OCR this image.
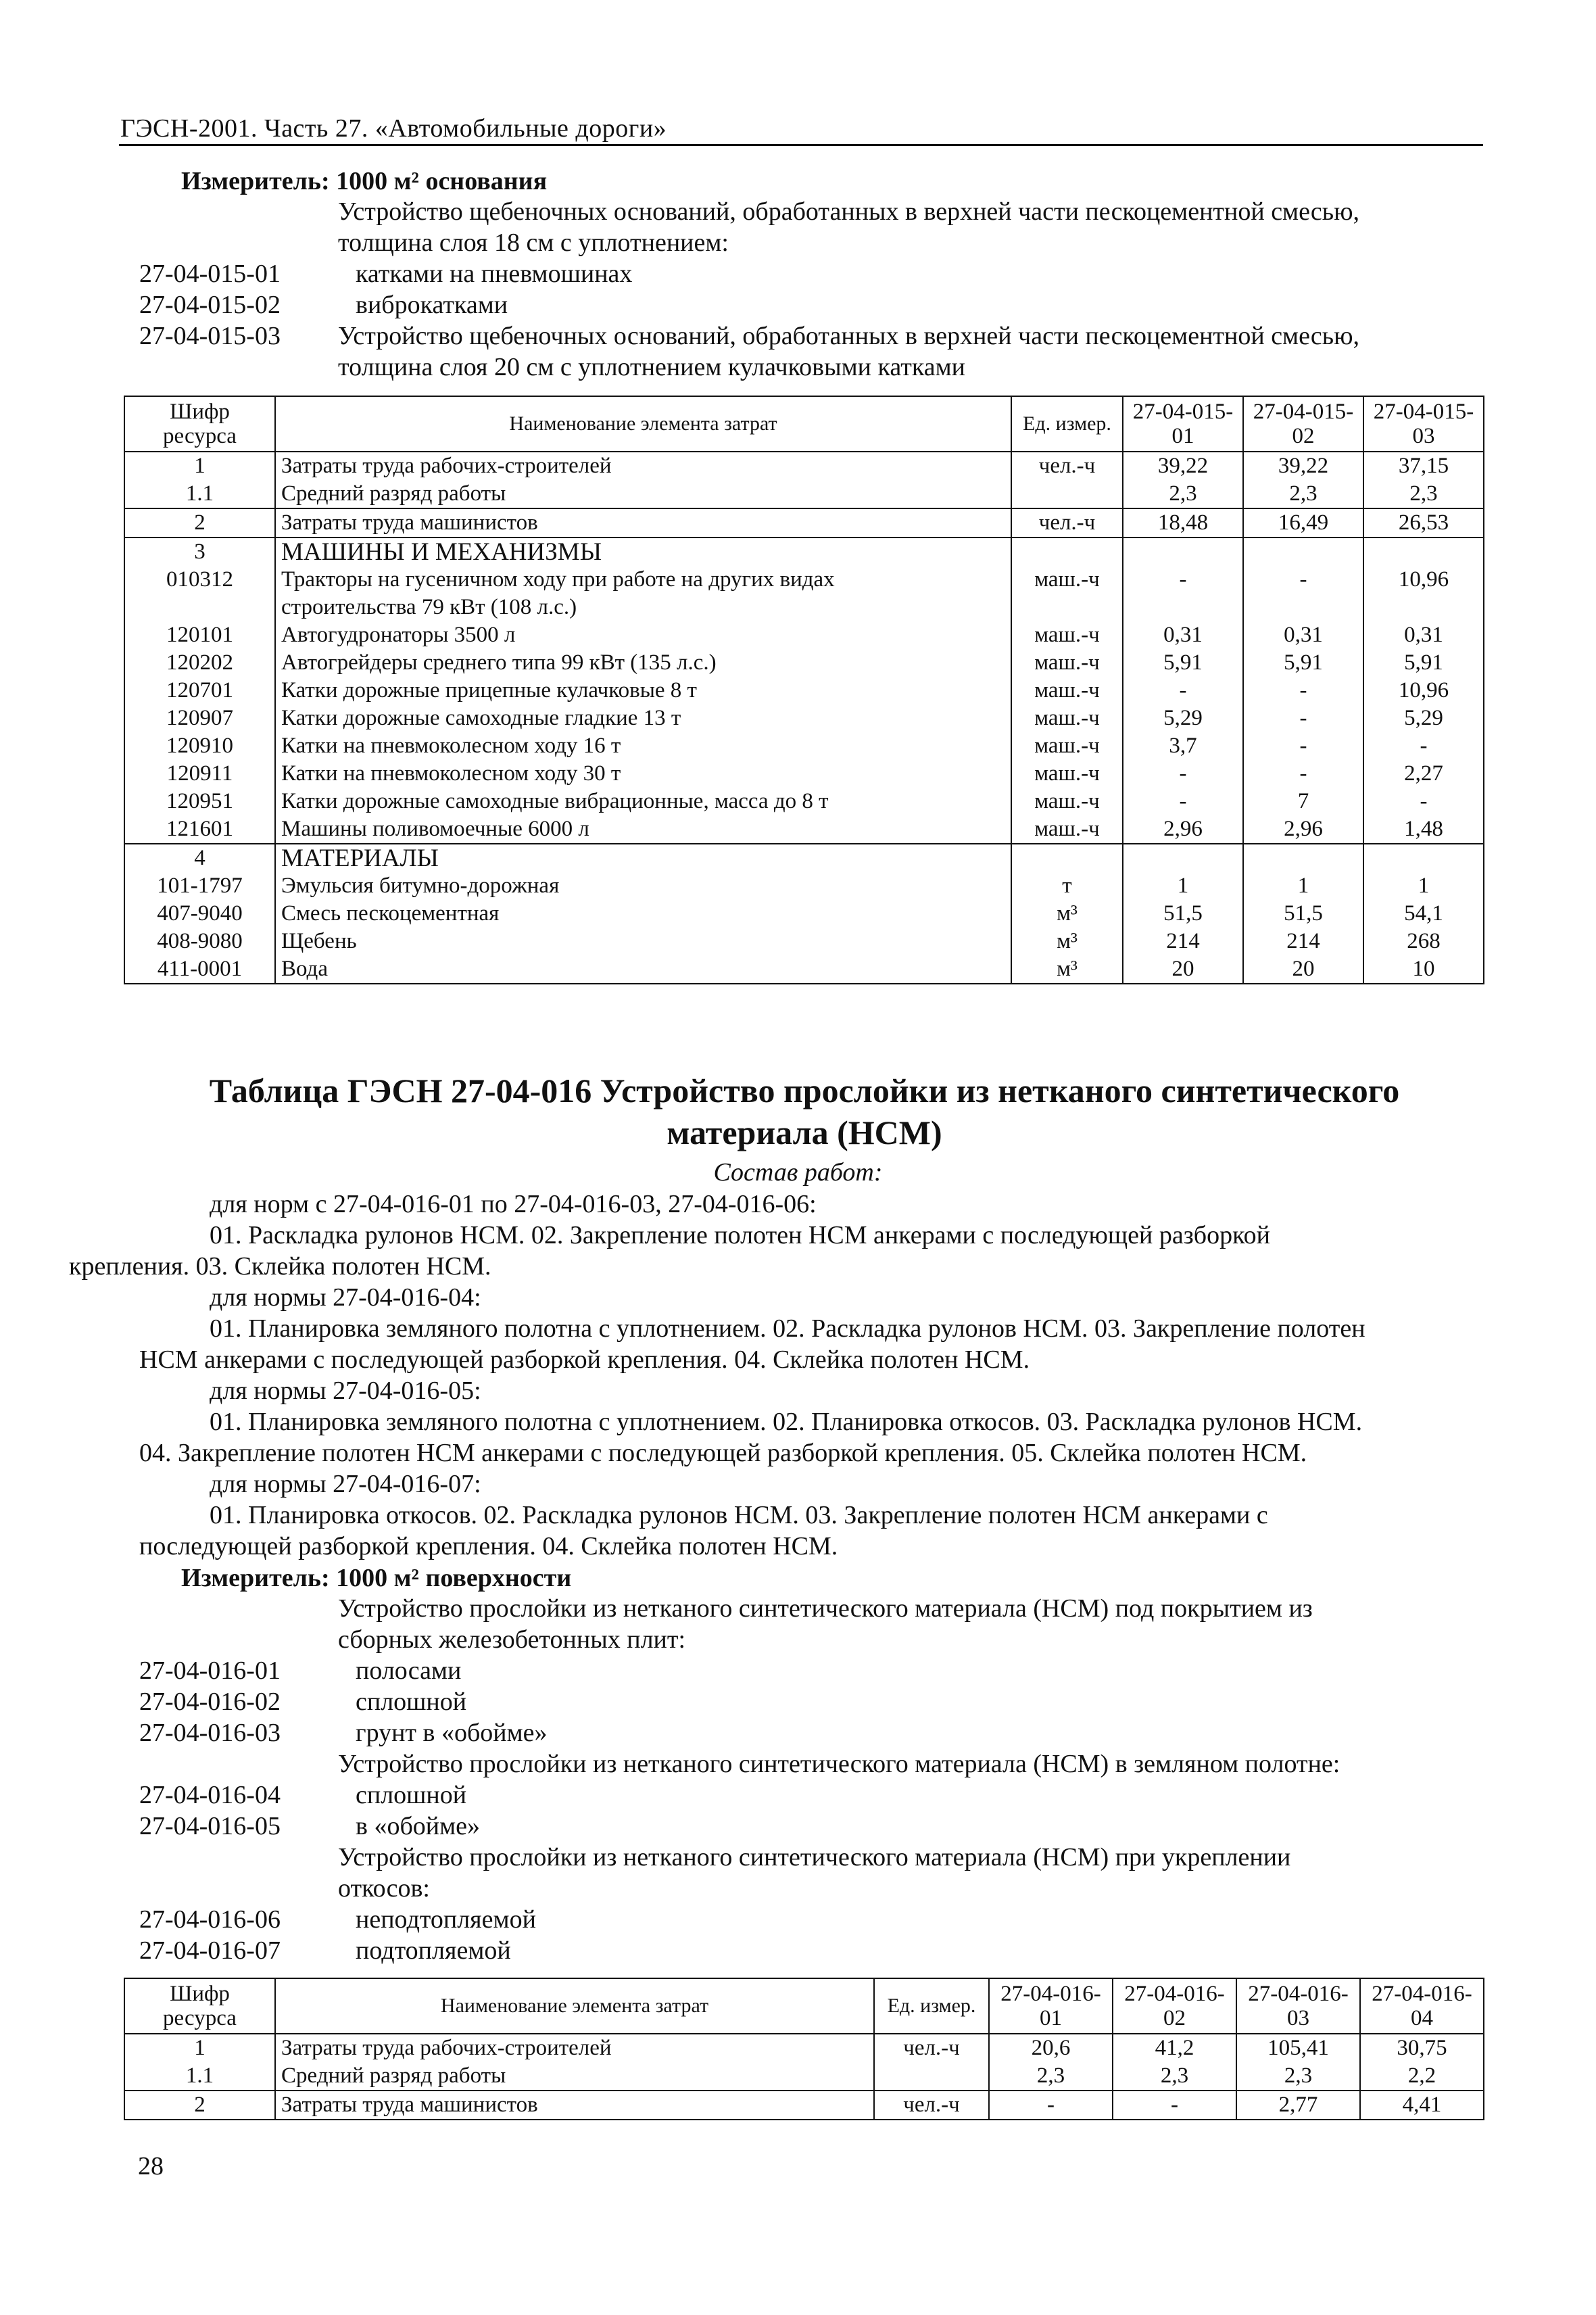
ГЭСН-2001. Часть 27. «Автомобильные дороги»
Измеритель: 1000 м² основания
Устройство щебеночных оснований, обработанных в верхней части пескоцементной смесью,
толщина слоя 18 см с уплотнением:
27-04-015-01	катками на пневмошинах
27-04-015-02	виброкатками
27-04-015-03 Устройство щебеночных оснований, обработанных в верхней части пескоцементной смесью,
толщина слоя 20 см с уплотнением кулачковыми катками
Шифр ресурса	Наименование элемента затрат	Ед. измер.	27-04-015-01	27-04-015-02	27-04-015-03
1	Затраты труда рабочих-строителей	чел.-ч	39,22	39,22	37,15
1.1	Средний разряд работы		2,3	2,3	2,3
2	Затраты труда машинистов	чел.-ч	18,48	16,49	26,53
3	МАШИНЫ И МЕХАНИЗМЫ				
010312	Тракторы на гусеничном ходу при работе на других видах
строительства 79 кВт (108 л.с.)	маш.-ч	-	-	10,96
120101	Автогудронаторы 3500 л	маш.-ч	0,31	0,31	0,31
120202	Автогрейдеры среднего типа 99 кВт (135 л.с.)	маш.-ч	5,91	5,91	5,91
120701	Катки дорожные прицепные кулачковые 8 т	маш.-ч	-	-	10,96
120907	Катки дорожные самоходные гладкие 13 т	маш.-ч	5,29	-	5,29
120910	Катки на пневмоколесном ходу 16 т	маш.-ч	3,7	-	-
120911	Катки на пневмоколесном ходу 30 т	маш.-ч	-	-	2,27
120951	Катки дорожные самоходные вибрационные, масса до 8 т	маш.-ч	-	7	-
121601	Машины поливомоечные 6000 л	маш.-ч	2,96	2,96	1,48
4	МАТЕРИАЛЫ				
101-1797	Эмульсия битумно-дорожная	т	1	1	1
407-9040	Смесь пескоцементная	м³	51,5	51,5	54,1
408-9080	Щебень	м³	214	214	268
411-0001	Вода	м³	20	20	10
Таблица ГЭСН 27-04-016 Устройство прослойки из нетканого синтетического
материала (НСМ)
Состав работ:
для норм с 27-04-016-01 по 27-04-016-03, 27-04-016-06:
01. Раскладка рулонов НСМ. 02. Закрепление полотен НСМ анкерами с последующей разборкой
крепления. 03. Склейка полотен НСМ.
для нормы 27-04-016-04:
01. Планировка земляного полотна с уплотнением. 02. Раскладка рулонов НСМ. 03. Закрепление полотен
НСМ анкерами с последующей разборкой крепления. 04. Склейка полотен НСМ.
для нормы 27-04-016-05:
01. Планировка земляного полотна с уплотнением. 02. Планировка откосов. 03. Раскладка рулонов НСМ.
04. Закрепление полотен НСМ анкерами с последующей разборкой крепления. 05. Склейка полотен НСМ.
для нормы 27-04-016-07:
01. Планировка откосов. 02. Раскладка рулонов НСМ. 03. Закрепление полотен НСМ анкерами с
последующей разборкой крепления. 04. Склейка полотен НСМ.
Измеритель: 1000 м² поверхности
Устройство прослойки из нетканого синтетического материала (НСМ) под покрытием из
сборных железобетонных плит:
27-04-016-01	полосами
27-04-016-02	сплошной
27-04-016-03	грунт в «обойме»
Устройство прослойки из нетканого синтетического материала (НСМ) в земляном полотне:
27-04-016-04	сплошной
27-04-016-05	в «обойме»
Устройство прослойки из нетканого синтетического материала (НСМ) при укреплении
откосов:
27-04-016-06	неподтопляемой
27-04-016-07	подтопляемой
Шифр ресурса	Наименование элемента затрат	Ед. измер.	27-04-016-01	27-04-016-02	27-04-016-03	27-04-016-04
1	Затраты труда рабочих-строителей	чел.-ч	20,6	41,2	105,41	30,75
1.1	Средний разряд работы		2,3	2,3	2,3	2,2
2	Затраты труда машинистов	чел.-ч	-	-	2,77	4,41
28
